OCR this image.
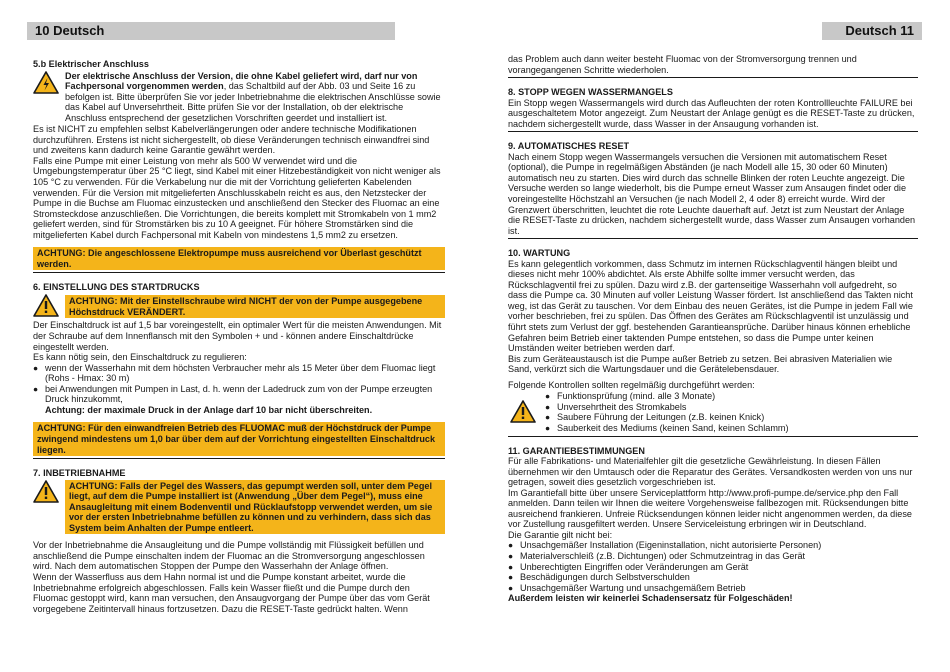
10 Deutsch	Deutsch 11

5.b Elektrischer Anschluss

Der elektrische Anschluss der Version, die ohne Kabel geliefert wird, darf nur von Fachpersonal vorgenommen werden, das Schaltbild auf der Abb. 03 und Seite 16 zu befolgen ist. Bitte überprüfen Sie vor jeder Inbetriebnahme die elektrischen Anschlüsse sowie das Kabel auf Unversehrtheit. Bitte prüfen Sie vor der Installation, ob der elektrische Anschluss entsprechend der gesetzlichen Vorschriften geerdet und installiert ist.

Es ist NICHT zu empfehlen selbst Kabelverlängerungen oder andere technische Modifikationen durchzuführen. Erstens ist nicht sichergestellt, ob diese Veränderungen technisch einwandfrei sind und zweitens kann dadurch keine Garantie gewährt werden.

Falls eine Pumpe mit einer Leistung von mehr als 500 W verwendet wird und die Umgebungstemperatur über 25 °C liegt, sind Kabel mit einer Hitzebeständigkeit von nicht weniger als 105 °C zu verwenden. Für die Verkabelung nur die mit der Vorrichtung gelieferten Kabelenden verwenden. Für die Version mit mitgelieferten Anschlusskabeln reicht es aus, den Netzstecker der Pumpe in die Buchse am Fluomac einzustecken und anschließend den Stecker des Fluomac an eine Stromsteckdose anzuschließen. Die Vorrichtungen, die bereits komplett mit Stromkabeln von 1 mm2 geliefert werden, sind für Stromstärken bis zu 10 A geeignet. Für höhere Stromstärken sind die mitgelieferten Kabel durch Fachpersonal mit Kabeln von mindestens 1,5 mm2 zu ersetzen.

ACHTUNG: Die angeschlossene Elektropumpe muss ausreichend vor Überlast geschützt werden.

6. EINSTELLUNG DES STARTDRUCKS

ACHTUNG: Mit der Einstellschraube wird NICHT der von der Pumpe ausgegebene Höchstdruck VERÄNDERT.

Der Einschaltdruck ist auf 1,5 bar voreingestellt, ein optimaler Wert für die meisten Anwendungen. Mit der Schraube auf dem Innenflansch mit den Symbolen + und - können andere Einschaltdrücke eingestellt werden.

Es kann nötig sein, den Einschaltdruck zu regulieren:

● wenn der Wasserhahn mit dem höchsten Verbraucher mehr als 15 Meter über dem Fluomac liegt (Rohs - Hmax: 30 m)
● bei Anwendungen mit Pumpen in Last, d. h. wenn der Ladedruck zum von der Pumpe erzeugten Druck hinzukommt,
Achtung: der maximale Druck in der Anlage darf 10 bar nicht überschreiten.
ACHTUNG: Für den einwandfreien Betrieb des FLUOMAC muß der Höchstdruck der Pumpe zwingend mindestens um 1,0 bar über dem auf der Vorrichtung eingestellten Einschaltdruck liegen.

7. INBETRIEBNAHME

ACHTUNG: Falls der Pegel des Wassers, das gepumpt werden soll, unter dem Pegel liegt, auf dem die Pumpe installiert ist (Anwendung „Über dem Pegel“), muss eine Ansaugleitung mit einem Bodenventil und Rücklaufstopp verwendet werden, um sie vor der ersten Inbetriebnahme befüllen zu können und zu verhindern, dass sich das System beim Anhalten der Pumpe entleert.

Vor der Inbetriebnahme die Ansaugleitung und die Pumpe vollständig mit Flüssigkeit befüllen und anschließend die Pumpe einschalten indem der Fluomac an die Stromversorgung angeschlossen wird. Nach dem automatischen Stoppen der Pumpe den Wasserhahn der Anlage öffnen.

Wenn der Wasserfluss aus dem Hahn normal ist und die Pumpe konstant arbeitet, wurde die Inbetriebnahme erfolgreich abgeschlossen. Falls kein Wasser fließt und die Pumpe durch den Fluomac gestoppt wird, kann man versuchen, den Ansaugvorgang der Pumpe über das vom Gerät vorgegebene Zeitintervall hinaus fortzusetzen. Dazu die RESET-Taste gedrückt halten. Wenn

das Problem auch dann weiter besteht Fluomac von der Stromversorgung trennen und vorangegangenen Schritte wiederholen.

8. STOPP WEGEN WASSERMANGELS

Ein Stopp wegen Wassermangels wird durch das Aufleuchten der roten Kontrollleuchte FAILURE bei ausgeschaltetem Motor angezeigt. Zum Neustart der Anlage genügt es die RESET-Taste zu drücken, nachdem sichergestellt wurde, dass Wasser in der Ansaugung vorhanden ist.

9. AUTOMATISCHES RESET

Nach einem Stopp wegen Wassermangels versuchen die Versionen mit automatischem Reset (optional), die Pumpe in regelmäßigen Abständen (je nach Modell alle 15, 30 oder 60 Minuten) automatisch neu zu starten. Dies wird durch das schnelle Blinken der roten Leuchte angezeigt. Die Versuche werden so lange wiederholt, bis die Pumpe erneut Wasser zum Ansaugen findet oder die voreingestellte Höchstzahl an Versuchen (je nach Modell 2, 4 oder 8) erreicht wurde. Wird der Grenzwert überschritten, leuchtet die rote Leuchte dauerhaft auf. Jetzt ist zum Neustart der Anlage die RESET-Taste zu drücken, nachdem sichergestellt wurde, dass Wasser zum Ansaugen vorhanden ist.

10. WARTUNG

Es kann gelegentlich vorkommen, dass Schmutz im internen Rückschlagventil hängen bleibt und dieses nicht mehr 100% abdichtet. Als erste Abhilfe sollte immer versucht werden, das Rückschlagventil frei zu spülen. Dazu wird z.B. der gartenseitige Wasserhahn voll aufgedreht, so dass die Pumpe ca. 30 Minuten auf voller Leistung Wasser fördert. Ist anschließend das Takten nicht weg, ist das Gerät zu tauschen. Vor dem Einbau des neuen Gerätes, ist die Pumpe in jedem Fall wie vorher beschrieben, frei zu spülen. Das Öffnen des Gerätes am Rückschlagventil ist unzulässig und führt stets zum Verlust der ggf. bestehenden Garantieansprüche. Darüber hinaus können erhebliche Gefahren beim Betrieb einer taktenden Pumpe entstehen, so dass die Pumpe unter keinen Umständen weiter betrieben werden darf.

Bis zum Geräteaustausch ist die Pumpe außer Betrieb zu setzen. Bei abrasiven Materialien wie Sand, verkürzt sich die Wartungsdauer und die Gerätelebensdauer.

Folgende Kontrollen sollten regelmäßig durchgeführt werden:

● Funktionsprüfung (mind. alle 3 Monate)
● Unversehrtheit des Stromkabels
● Saubere Führung der Leitungen (z.B. keinen Knick)
● Sauberkeit des Mediums (keinen Sand, keinen Schlamm)

11. GARANTIEBESTIMMUNGEN

Für alle Fabrikations- und Materialfehler gilt die gesetzliche Gewährleistung. In diesen Fällen übernehmen wir den Umtausch oder die Reparatur des Gerätes. Versandkosten werden von uns nur getragen, soweit dies gesetzlich vorgeschrieben ist.

Im Garantiefall bitte über unsere Serviceplattform http://www.profi-pumpe.de/service.php den Fall anmelden. Dann teilen wir Ihnen die weitere Vorgehensweise fallbezogen mit. Rücksendungen bitte ausreichend frankieren. Unfreie Rücksendungen können leider nicht angenommen werden, da diese vor Zustellung rausgefiltert werden. Unsere Serviceleistung erbringen wir in Deutschland.

Die Garantie gilt nicht bei:

● Unsachgemäßer Installation (Eigeninstallation, nicht autorisierte Personen)
● Materialverschleiß (z.B. Dichtungen) oder Schmutzeintrag in das Gerät
● Unberechtigten Eingriffen oder Veränderungen am Gerät
● Beschädigungen durch Selbstverschulden
● Unsachgemäßer Wartung und unsachgemäßem Betrieb

Außerdem leisten wir keinerlei Schadensersatz für Folgeschäden!
